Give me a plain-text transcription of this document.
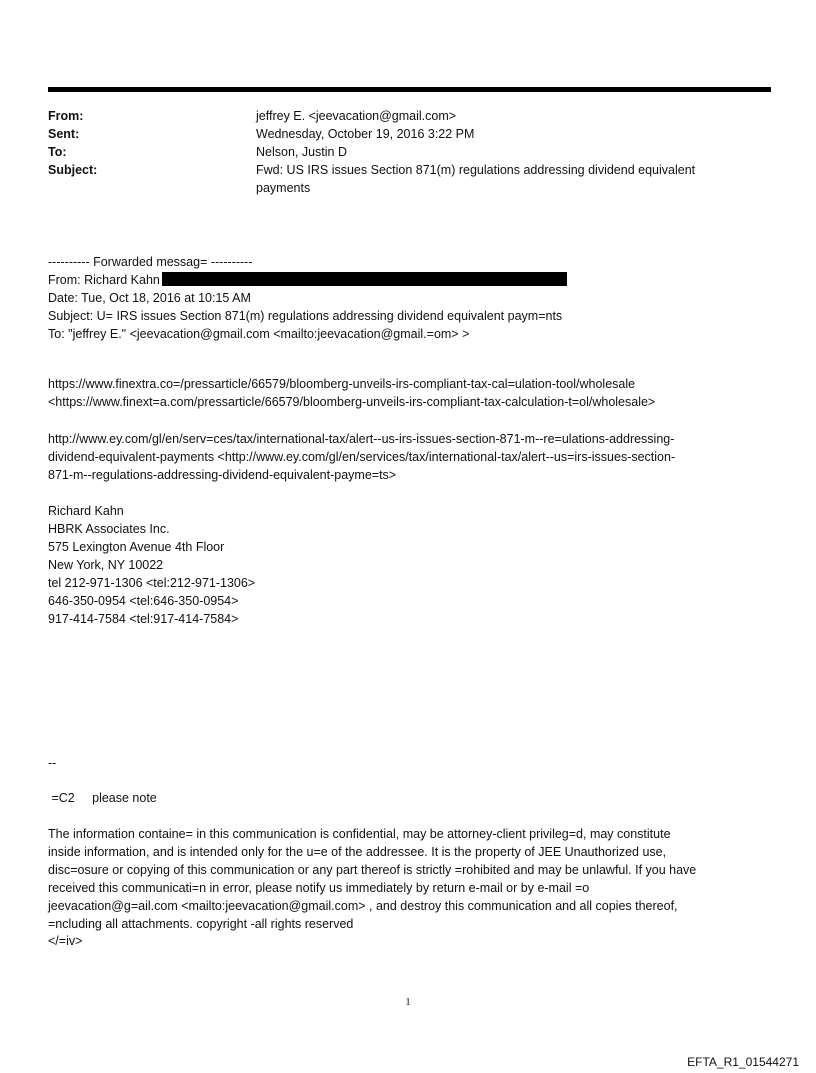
From:	jeffrey E. <jeevacation@gmail.com>
Sent:	Wednesday, October 19, 2016 3:22 PM
To:	Nelson, Justin D
Subject:	Fwd: US IRS issues Section 871(m) regulations addressing dividend equivalent payments
---------- Forwarded messag= ----------
From: Richard Kahn
Date: Tue, Oct 18, 2016 at 10:15 AM
Subject: U= IRS issues Section 871(m) regulations addressing dividend equivalent paym=nts
To: "jeffrey E." <jeevacation@gmail.com <mailto:jeevacation@gmail.=om> >
https://www.finextra.co=/pressarticle/66579/bloomberg-unveils-irs-compliant-tax-cal=ulation-tool/wholesale
<https://www.finext=a.com/pressarticle/66579/bloomberg-unveils-irs-compliant-tax-calculation-t=ol/wholesale>
http://www.ey.com/gl/en/serv=ces/tax/international-tax/alert--us-irs-issues-section-871-m--re=ulations-addressing-
dividend-equivalent-payments <http://www.ey.com/gl/en/services/tax/international-tax/alert--us=irs-issues-section-
871-m--regulations-addressing-dividend-equivalent-payme=ts>
Richard Kahn
HBRK Associates Inc.
575 Lexington Avenue 4th Floor
New York, NY 10022
tel 212-971-1306 <tel:212-971-1306>
646-350-0954 <tel:646-350-0954>
917-414-7584 <tel:917-414-7584>
--
=C2     please note
The information containe= in this communication is confidential, may be attorney-client privileg=d, may constitute
inside information, and is intended only for the u=e of the addressee. It is the property of JEE Unauthorized use,
disc=osure or copying of this communication or any part thereof is strictly =rohibited and may be unlawful. If you have
received this communicati=n in error, please notify us immediately by return e-mail or by e-mail =o
jeevacation@g=ail.com <mailto:jeevacation@gmail.com> , and destroy this communication and all copies thereof,
=ncluding all attachments. copyright -all rights reserved
</=iv>
1
EFTA_R1_01544271
